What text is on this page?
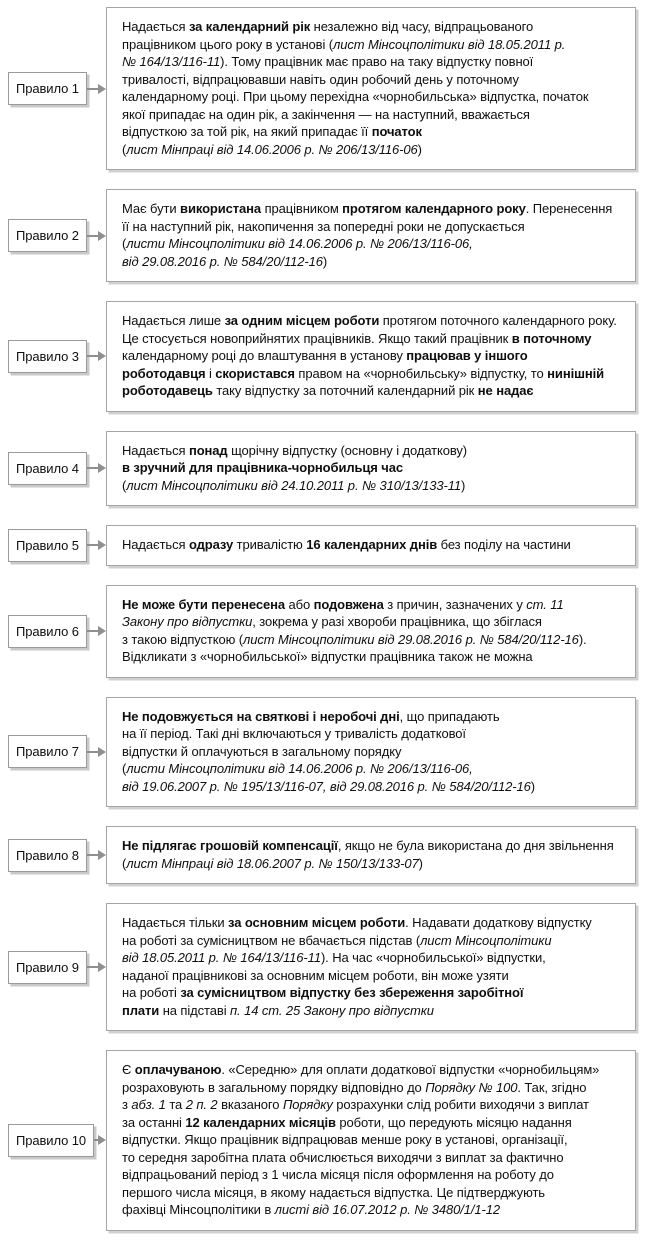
Правило 1

Надається за календарний рік незалежно від часу, відпрацьованого
працівником цього року в установі (лист Мінсоцполітики від 18.05.2011 р.
№ 164/13/116-11). Тому працівник має право на таку відпустку повної
тривалості, відпрацювавши навіть один робочий день у поточному
календарному році. При цьому перехідна «чорнобильська» відпустка, початок
якої припадає на один рік, а закінчення — на наступний, вважається
відпусткою за той рік, на який припадає її початок
(лист Мінпраці від 14.06.2006 р. № 206/13/116-06)

Правило 2

Має бути використана працівником протягом календарного року. Перенесення
її на наступний рік, накопичення за попередні роки не допускається
(листи Мінсоцполітики від 14.06.2006 р. № 206/13/116-06,
від 29.08.2016 р. № 584/20/112-16)

Правило 3

Надається лише за одним місцем роботи протягом поточного календарного року.
Це стосується новоприйнятих працівників. Якщо такий працівник в поточному
календарному році до влаштування в установу працював у іншого
роботодавця і скористався правом на «чорнобильську» відпустку, то нинішній
роботодавець таку відпустку за поточний календарний рік не надає

Правило 4

Надається понад щорічну відпустку (основну і додаткову)
в зручний для працівника-чорнобильця час
(лист Мінсоцполітики від 24.10.2011 р. № 310/13/133-11)

Правило 5	Надається одразу тривалістю 16 календарних днів без поділу на частини

Правило 6

Не може бути перенесена або подовжена з причин, зазначених у ст. 11
Закону про відпустки, зокрема у разі хвороби працівника, що збіглася
з такою відпусткою (лист Мінсоцполітики від 29.08.2016 р. № 584/20/112-16).
Відкликати з «чорнобильської» відпустки працівника також не можна

Правило 7

Не подовжується на святкові і неробочі дні, що припадають
на її період. Такі дні включаються у тривалість додаткової
відпустки й оплачуються в загальному порядку
(листи Мінсоцполітики від 14.06.2006 р. № 206/13/116-06,
від 19.06.2007 р. № 195/13/116-07, від 29.08.2016 р. № 584/20/112-16)

Правило 8

Не підлягає грошовій компенсації, якщо не була використана до дня звільнення
(лист Мінпраці від 18.06.2007 р. № 150/13/133-07)

Правило 9

Надається тільки за основним місцем роботи. Надавати додаткову відпустку
на роботі за сумісництвом не вбачається підстав (лист Мінсоцполітики
від 18.05.2011 р. № 164/13/116-11). На час «чорнобильської» відпустки,
наданої працівникові за основним місцем роботи, він може узяти
на роботі за сумісництвом відпустку без збереження заробітної
плати на підставі п. 14 ст. 25 Закону про відпустки

Правило 10

Є оплачуваною. «Середню» для оплати додаткової відпустки «чорнобильцям»
розраховують в загальному порядку відповідно до Порядку № 100. Так, згідно
з абз. 1 та 2 п. 2 вказаного Порядку розрахунки слід робити виходячи з виплат
за останні 12 календарних місяців роботи, що передують місяцю надання
відпустки. Якщо працівник відпрацював менше року в установі, організації,
то середня заробітна плата обчислюється виходячи з виплат за фактично
відпрацьований період з 1 числа місяця після оформлення на роботу до
першого числа місяця, в якому надається відпустка. Це підтверджують
фахівці Мінсоцполітики в листі від 16.07.2012 р. № 3480/1/1-12
